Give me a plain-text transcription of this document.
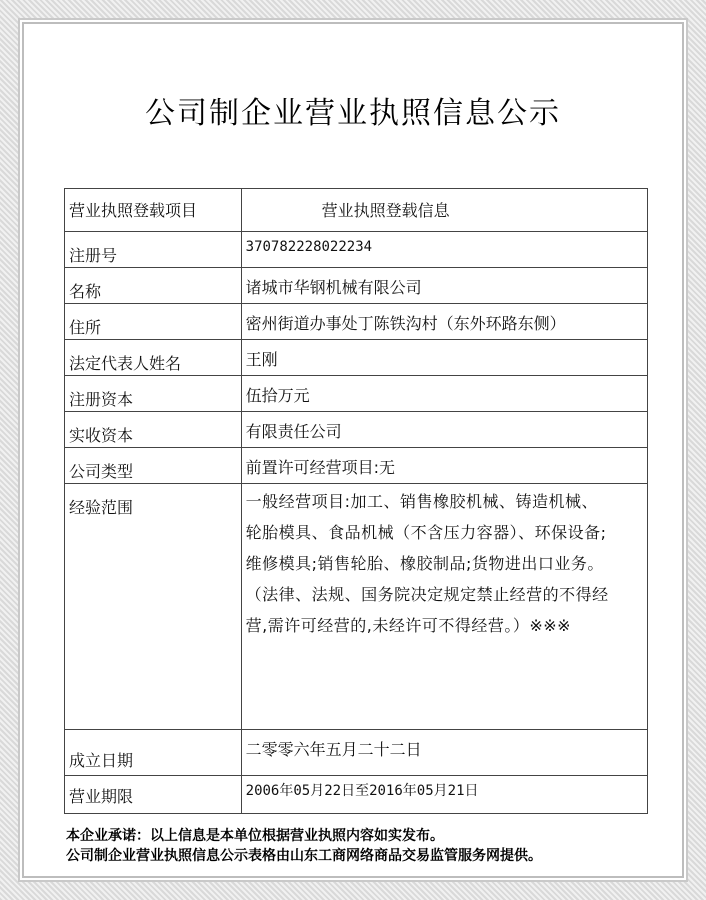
公司制企业营业执照信息公示
营业执照登载项目	营业执照登载信息

注册号	370782228022234

名称	诸城市华钢机械有限公司

住所	密州街道办事处丁陈铁沟村（东外环路东侧）

法定代表人姓名	王刚

注册资本	伍拾万元

实收资本	有限责任公司

公司类型	前置许可经营项目:无

经验范围	一般经营项目:加工、销售橡胶机械、铸造机械、
轮胎模具、食品机械（不含压力容器）、环保设备;
维修模具;销售轮胎、橡胶制品;货物进出口业务。
（法律、法规、国务院决定规定禁止经营的不得经
营,需许可经营的,未经许可不得经营。）※※※

成立日期	二零零六年五月二十二日

营业期限	2006年05月22日至2016年05月21日
本企业承诺：以上信息是本单位根据营业执照内容如实发布。
公司制企业营业执照信息公示表格由山东工商网络商品交易监管服务网提供。
